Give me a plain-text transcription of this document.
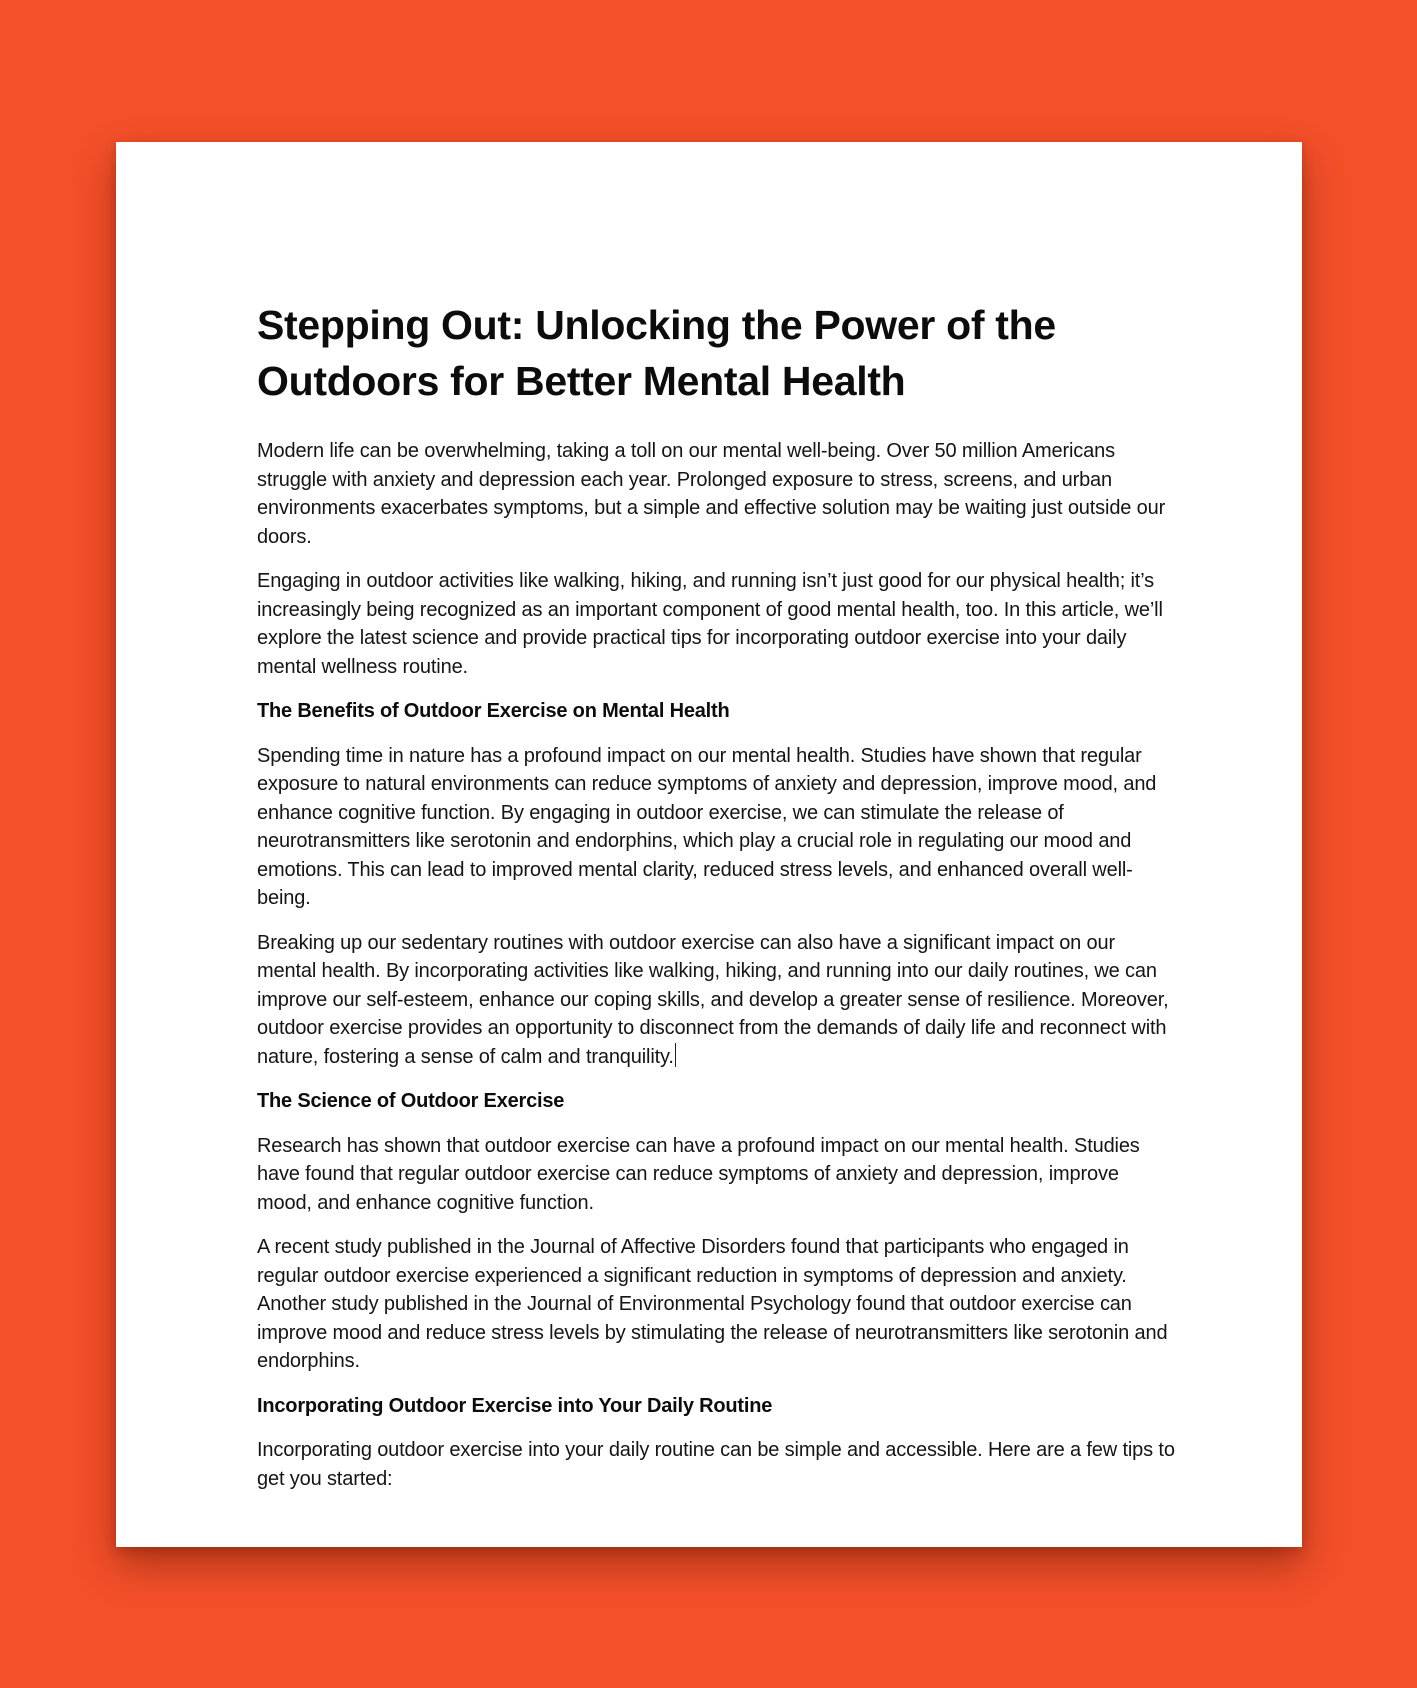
Stepping Out: Unlocking the Power of the Outdoors for Better Mental Health

Modern life can be overwhelming, taking a toll on our mental well-being. Over 50 million Americans struggle with anxiety and depression each year. Prolonged exposure to stress, screens, and urban environments exacerbates symptoms, but a simple and effective solution may be waiting just outside our doors.

Engaging in outdoor activities like walking, hiking, and running isn’t just good for our physical health; it’s increasingly being recognized as an important component of good mental health, too. In this article, we’ll explore the latest science and provide practical tips for incorporating outdoor exercise into your daily mental wellness routine.

The Benefits of Outdoor Exercise on Mental Health

Spending time in nature has a profound impact on our mental health. Studies have shown that regular exposure to natural environments can reduce symptoms of anxiety and depression, improve mood, and enhance cognitive function. By engaging in outdoor exercise, we can stimulate the release of neurotransmitters like serotonin and endorphins, which play a crucial role in regulating our mood and emotions. This can lead to improved mental clarity, reduced stress levels, and enhanced overall well-being.

Breaking up our sedentary routines with outdoor exercise can also have a significant impact on our mental health. By incorporating activities like walking, hiking, and running into our daily routines, we can improve our self-esteem, enhance our coping skills, and develop a greater sense of resilience. Moreover, outdoor exercise provides an opportunity to disconnect from the demands of daily life and reconnect with nature, fostering a sense of calm and tranquility.

The Science of Outdoor Exercise

Research has shown that outdoor exercise can have a profound impact on our mental health. Studies have found that regular outdoor exercise can reduce symptoms of anxiety and depression, improve mood, and enhance cognitive function.

A recent study published in the Journal of Affective Disorders found that participants who engaged in regular outdoor exercise experienced a significant reduction in symptoms of depression and anxiety. Another study published in the Journal of Environmental Psychology found that outdoor exercise can improve mood and reduce stress levels by stimulating the release of neurotransmitters like serotonin and endorphins.

Incorporating Outdoor Exercise into Your Daily Routine

Incorporating outdoor exercise into your daily routine can be simple and accessible. Here are a few tips to get you started:
